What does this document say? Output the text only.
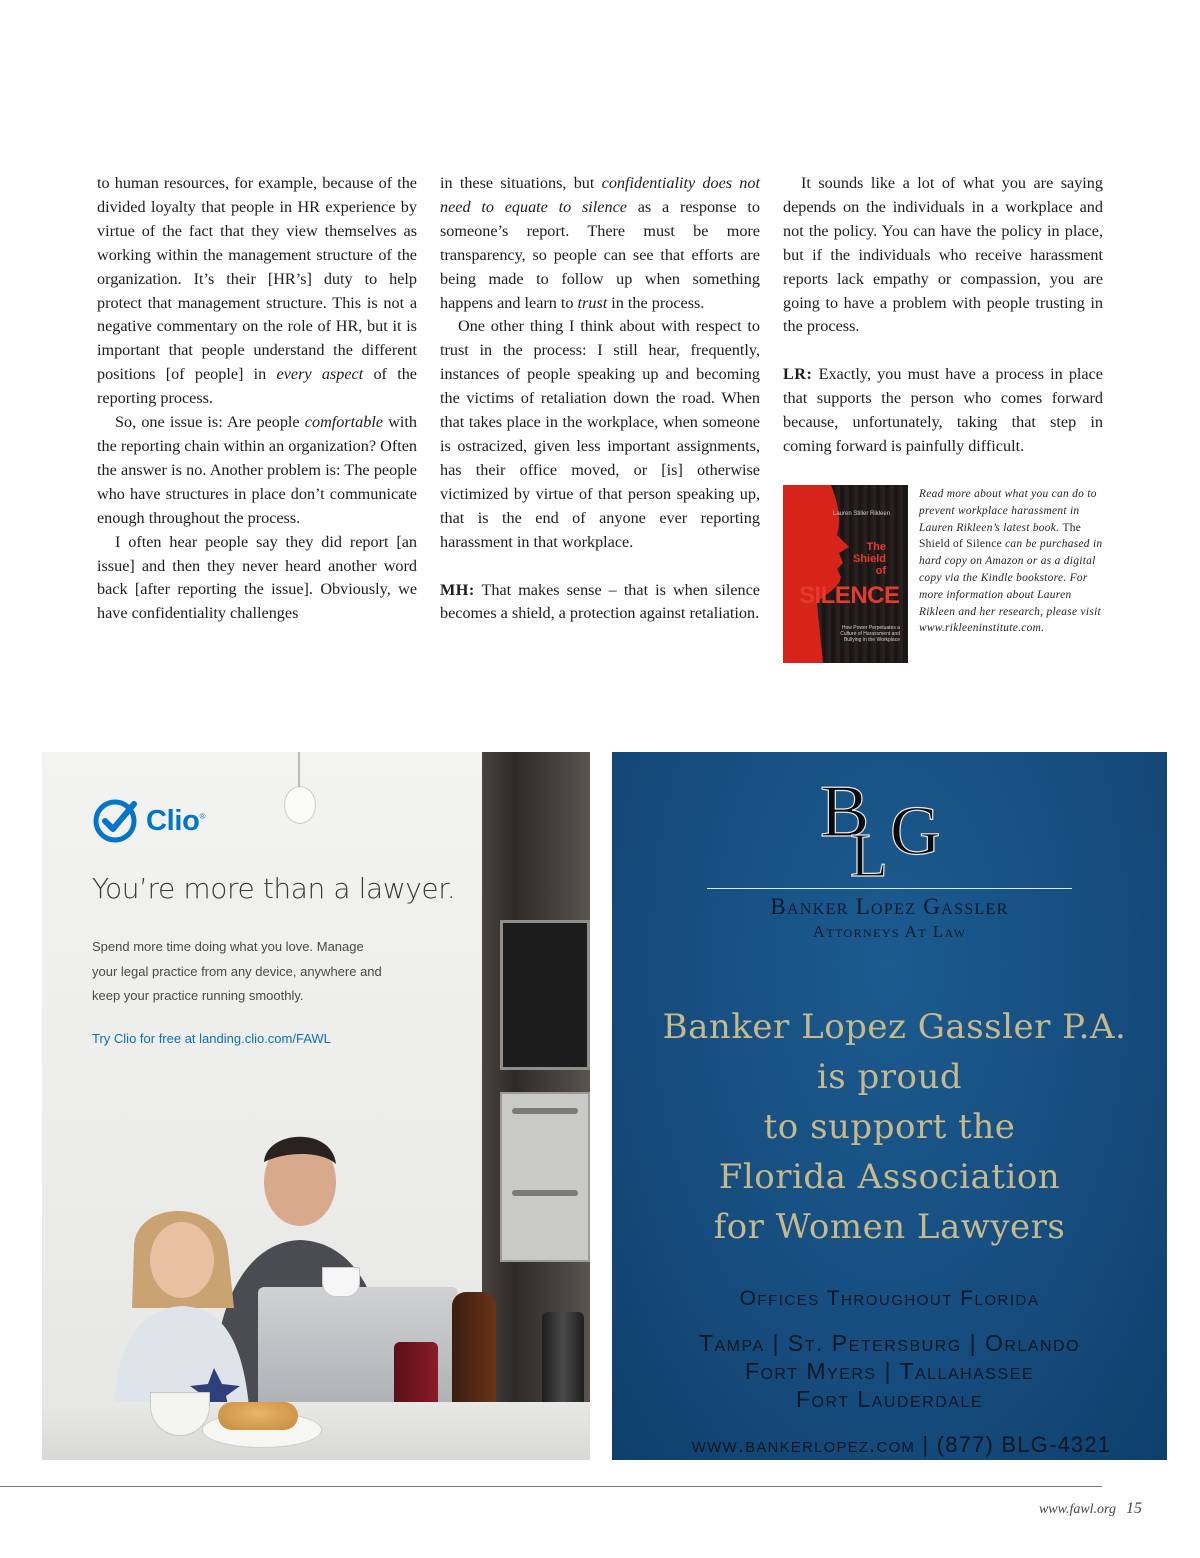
to human resources, for example, because of the divided loyalty that people in HR experience by virtue of the fact that they view themselves as working within the management structure of the organization. It’s their [HR’s] duty to help protect that management structure. This is not a negative commentary on the role of HR, but it is important that people understand the different positions [of people] in every aspect of the reporting process.

So, one issue is: Are people comfortable with the reporting chain within an organization? Often the answer is no. Another problem is: The people who have structures in place don’t communicate enough throughout the process.

I often hear people say they did report [an issue] and then they never heard another word back [after reporting the issue]. Obviously, we have confidentiality challenges

in these situations, but confidentiality does not need to equate to silence as a response to someone’s report. There must be more transparency, so people can see that efforts are being made to follow up when something happens and learn to trust in the process.

One other thing I think about with respect to trust in the process: I still hear, frequently, instances of people speaking up and becoming the victims of retaliation down the road. When that takes place in the workplace, when someone is ostracized, given less important assignments, has their office moved, or [is] otherwise victimized by virtue of that person speaking up, that is the end of anyone ever reporting harassment in that workplace.

MH: That makes sense – that is when silence becomes a shield, a protection against retaliation.

It sounds like a lot of what you are saying depends on the individuals in a workplace and not the policy. You can have the policy in place, but if the individuals who receive harassment reports lack empathy or compassion, you are going to have a problem with people trusting in the process.

LR: Exactly, you must have a process in place that supports the person who comes forward because, unfortunately, taking that step in coming forward is painfully difficult.

Lauren Stiller Rikleen
The
Shield
of
SILENCE
How Power Perpetuates a Culture of Harassment and Bullying in the Workplace
Read more about what you can do to prevent workplace harassment in Lauren Rikleen’s latest book. The Shield of Silence can be purchased in hard copy on Amazon or as a digital copy via the Kindle bookstore. For more information about Lauren Rikleen and her research, please visit www.rikleeninstitute.com.
Clio ®
You’re more than a lawyer.
Spend more time doing what you love. Manage your legal practice from any device, anywhere and keep your practice running smoothly.
Try Clio for free at landing.clio.com/FAWL
B
L G
Banker Lopez Gassler
Attorneys At Law
Banker Lopez Gassler P.A.
is proud
to support the
Florida Association
for Women Lawyers
Offices Throughout Florida
Tampa | St. Petersburg | Orlando
Fort Myers | Tallahassee
Fort Lauderdale
www.bankerlopez.com | (877) BLG-4321
www.fawl.org 15
